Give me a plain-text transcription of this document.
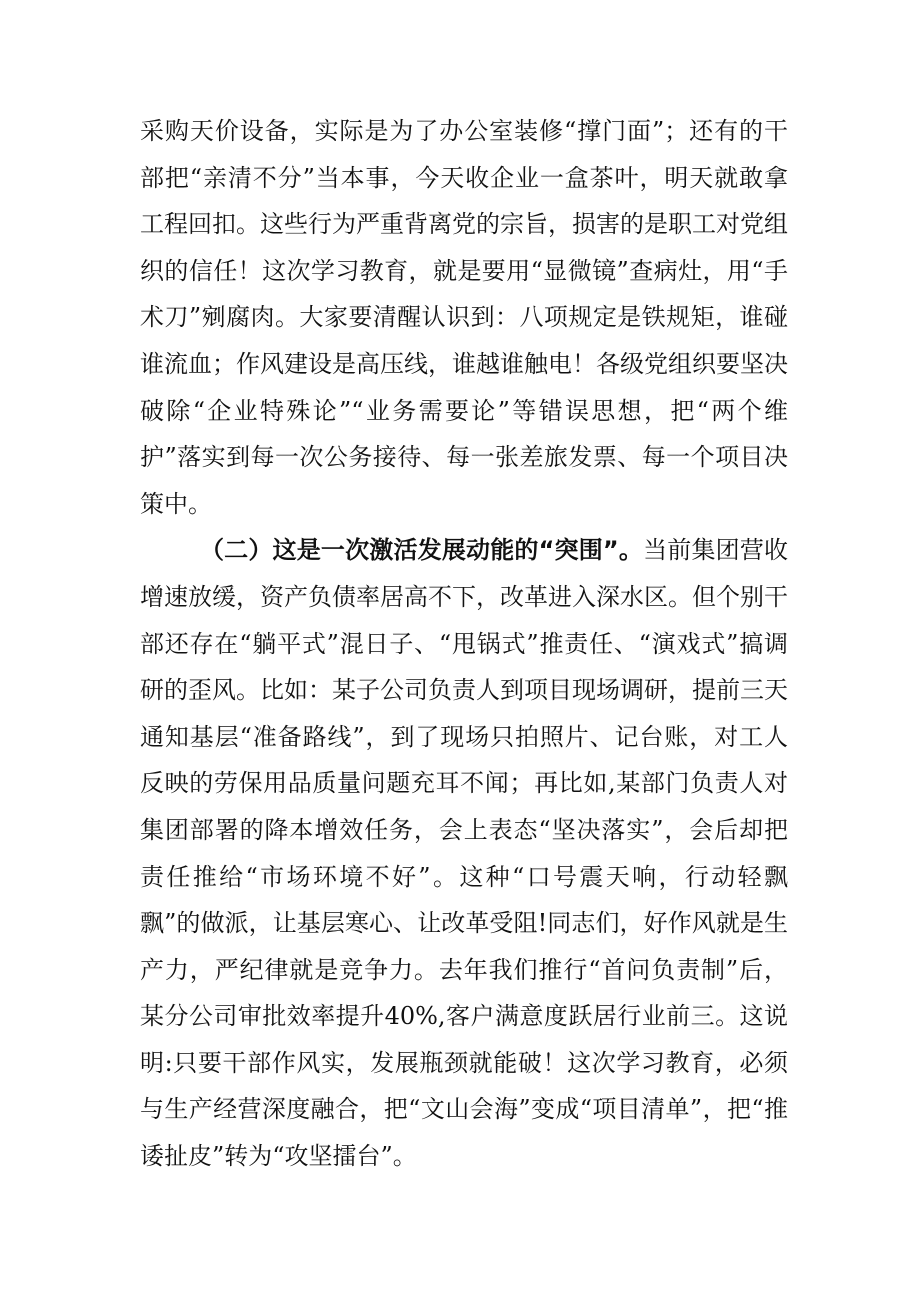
采购天价设备，实际是为了办公室装修“撑门面”；还有的干部把“亲清不分”当本事，今天收企业一盒茶叶，明天就敢拿工程回扣。这些行为严重背离党的宗旨，损害的是职工对党组织的信任！这次学习教育，就是要用“显微镜”查病灶，用“手术刀”剜腐肉。大家要清醒认识到：八项规定是铁规矩，谁碰谁流血；作风建设是高压线，谁越谁触电！各级党组织要坚决破除“企业特殊论”“业务需要论”等错误思想，把“两个维护”落实到每一次公务接待、每一张差旅发票、每一个项目决策中。

（二）这是一次激活发展动能的“突围”。当前集团营收增速放缓，资产负债率居高不下，改革进入深水区。但个别干部还存在“躺平式”混日子、“甩锅式”推责任、“演戏式”搞调研的歪风。比如：某子公司负责人到项目现场调研，提前三天通知基层“准备路线”，到了现场只拍照片、记台账，对工人反映的劳保用品质量问题充耳不闻；再比如,某部门负责人对集团部署的降本增效任务，会上表态“坚决落实”，会后却把责任推给“市场环境不好”。这种“口号震天响，行动轻飘飘”的做派，让基层寒心、让改革受阻!同志们，好作风就是生产力，严纪律就是竞争力。去年我们推行“首问负责制”后，某分公司审批效率提升40%,客户满意度跃居行业前三。这说明:只要干部作风实，发展瓶颈就能破！这次学习教育，必须与生产经营深度融合，把“文山会海”变成“项目清单”，把“推诿扯皮”转为“攻坚擂台”。
